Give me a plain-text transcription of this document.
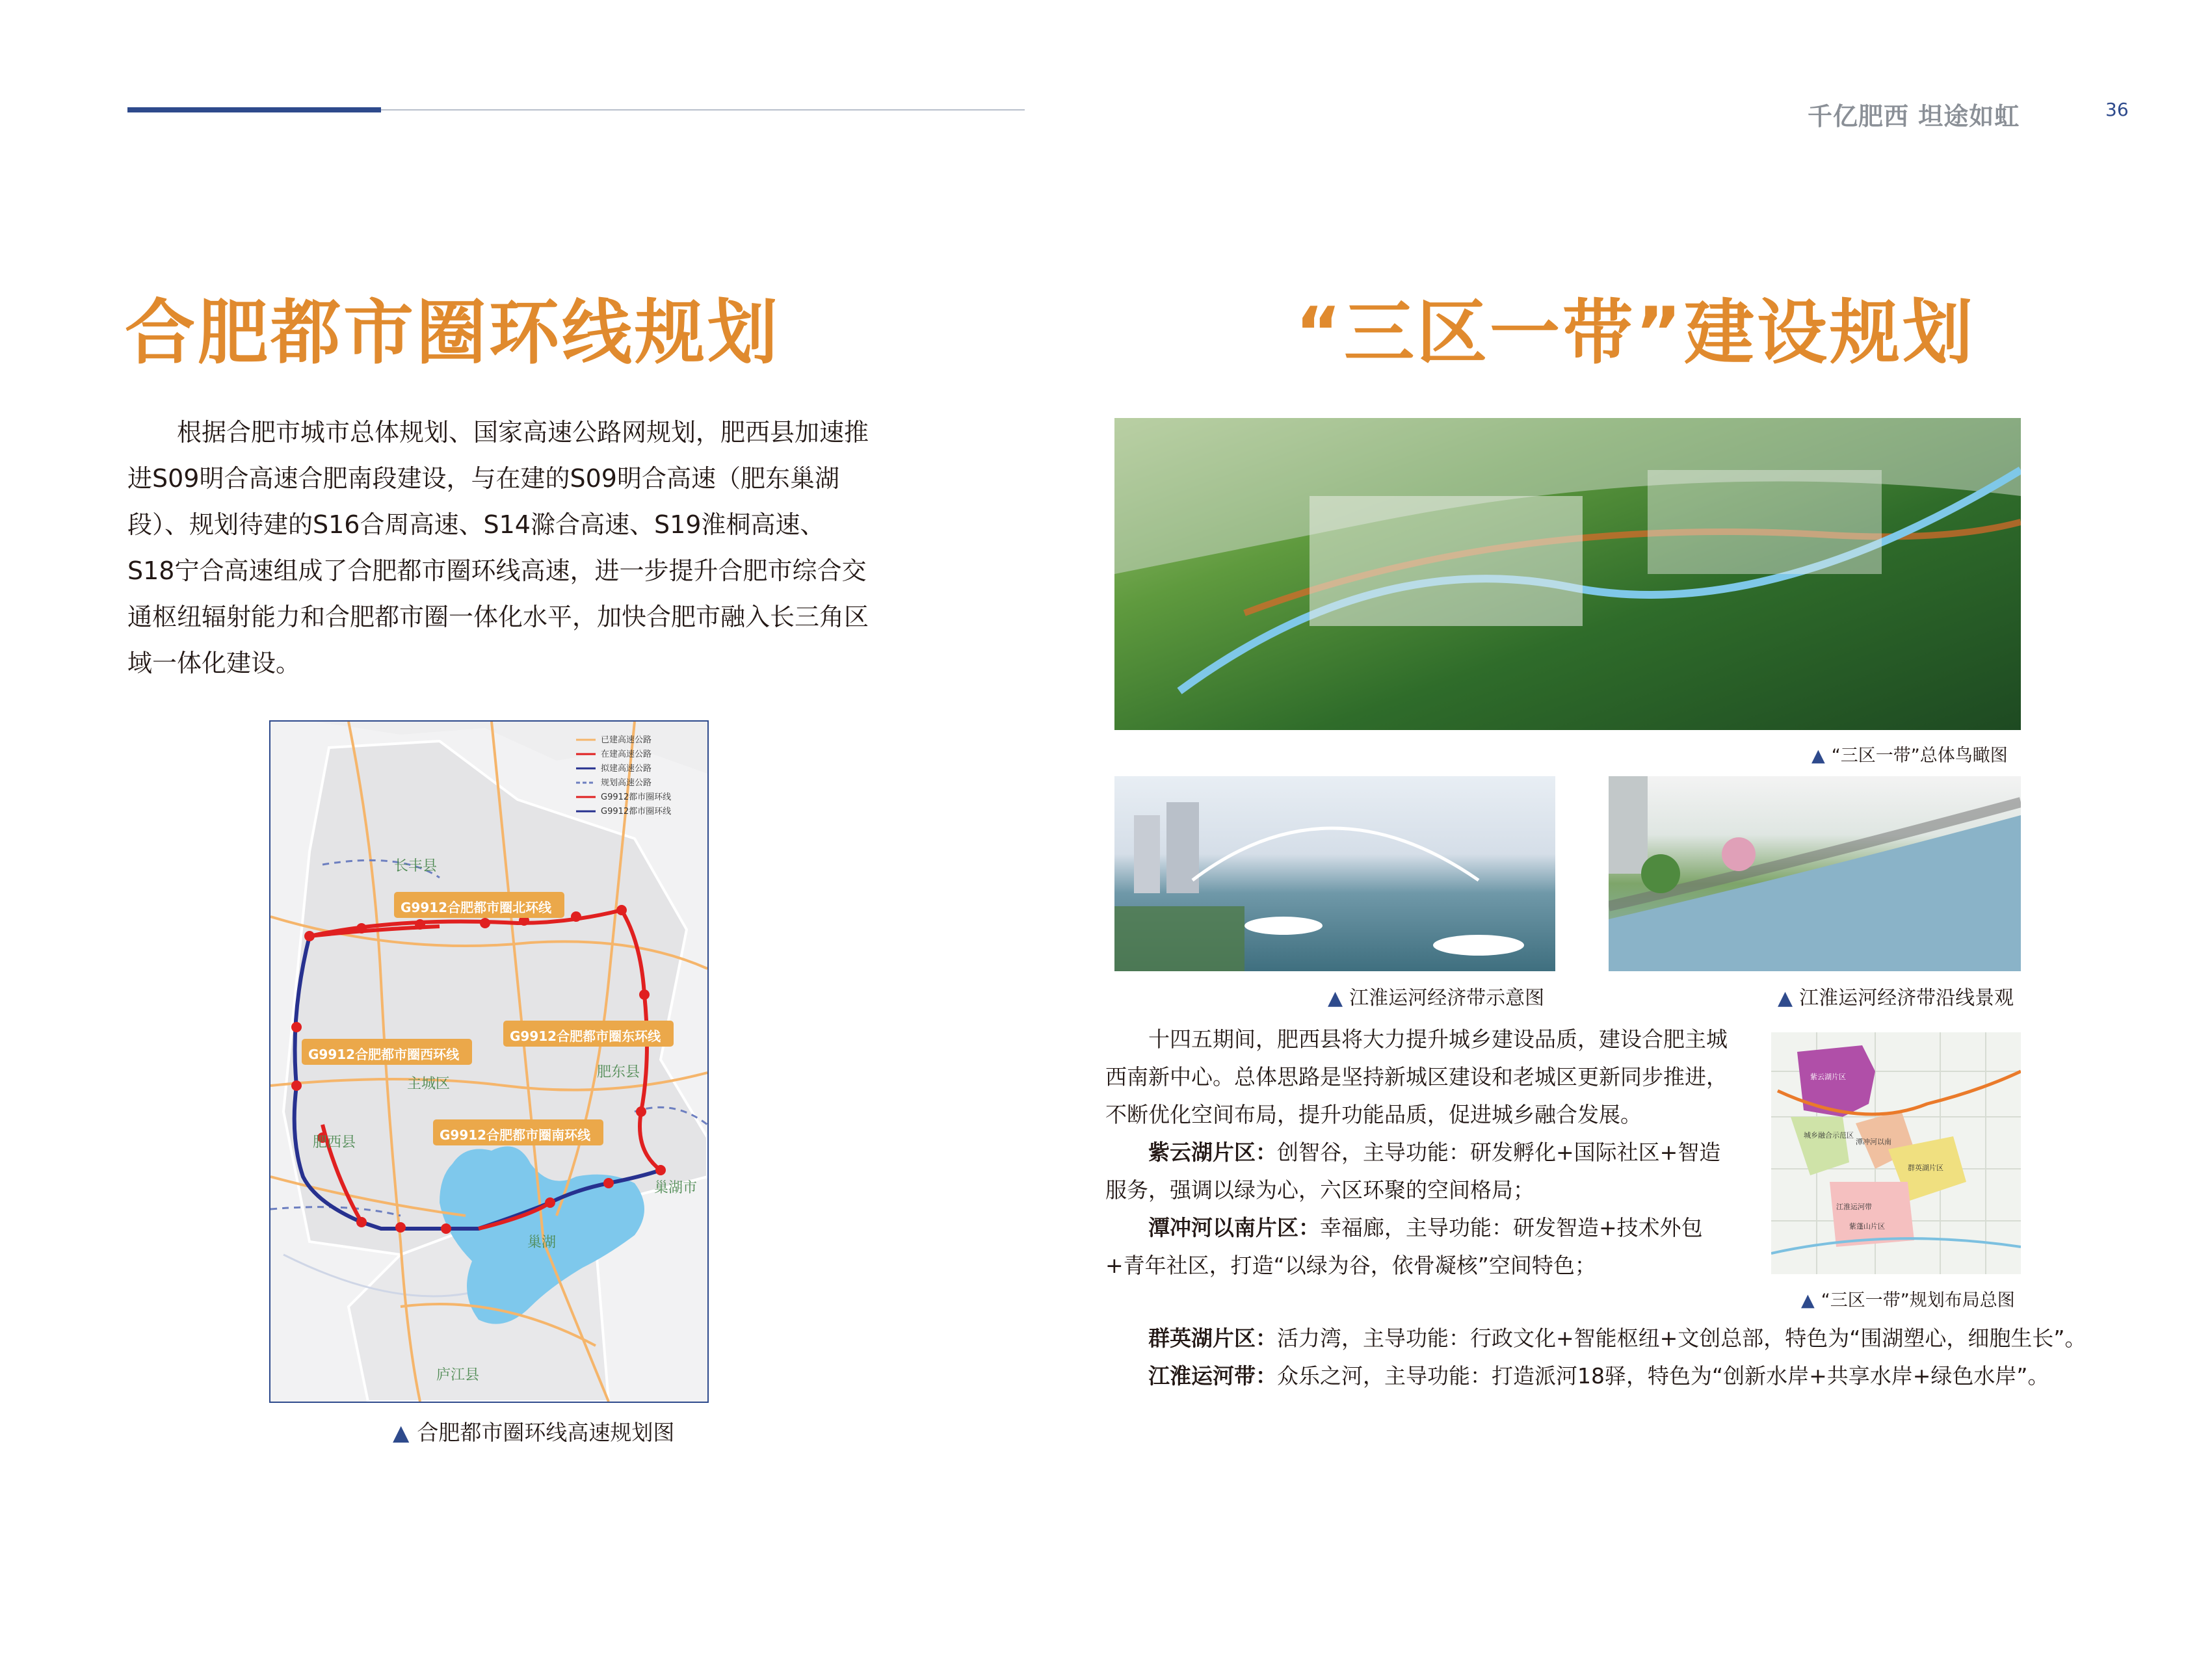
千亿肥西 坦途如虹	36
合肥都市圈环线规划
根据合肥市城市总体规划、国家高速公路网规划，肥西县加速推进S09明合高速合肥南段建设，与在建的S09明合高速（肥东巢湖段）、规划待建的S16合周高速、S14滁合高速、S19淮桐高速、S18宁合高速组成了合肥都市圈环线高速，进一步提升合肥市综合交通枢纽辐射能力和合肥都市圈一体化水平，加快合肥市融入长三角区域一体化建设。
已建高速公路
在建高速公路
拟建高速公路
规划高速公路
G9912都市圈环线
G9912都市圈环线
G9912合肥都市圈北环线
G9912合肥都市圈东环线
G9912合肥都市圈西环线
G9912合肥都市圈南环线
长丰县
主城区
肥东县
肥西县
巢湖市
巢湖
庐江县
▲ 合肥都市圈环线高速规划图
“三区一带”建设规划
▲ “三区一带”总体鸟瞰图
▲ 江淮运河经济带示意图	▲ 江淮运河经济带沿线景观
十四五期间，肥西县将大力提升城乡建设品质，建设合肥主城西南新中心。总体思路是坚持新城区建设和老城区更新同步推进，不断优化空间布局，提升功能品质，促进城乡融合发展。
紫云湖片区：创智谷，主导功能：研发孵化+国际社区+智造服务，强调以绿为心，六区环聚的空间格局；
潭冲河以南片区：幸福廊，主导功能：研发智造+技术外包+青年社区，打造“以绿为谷，依骨凝核”空间特色；
紫云湖片区
城乡融合示范区
潭冲河以南
群英湖片区
江淮运河带
紫蓬山片区
▲ “三区一带”规划布局总图
群英湖片区：活力湾，主导功能：行政文化+智能枢纽+文创总部，特色为“围湖塑心，细胞生长”。
江淮运河带：众乐之河，主导功能：打造派河18驿，特色为“创新水岸+共享水岸+绿色水岸”。
